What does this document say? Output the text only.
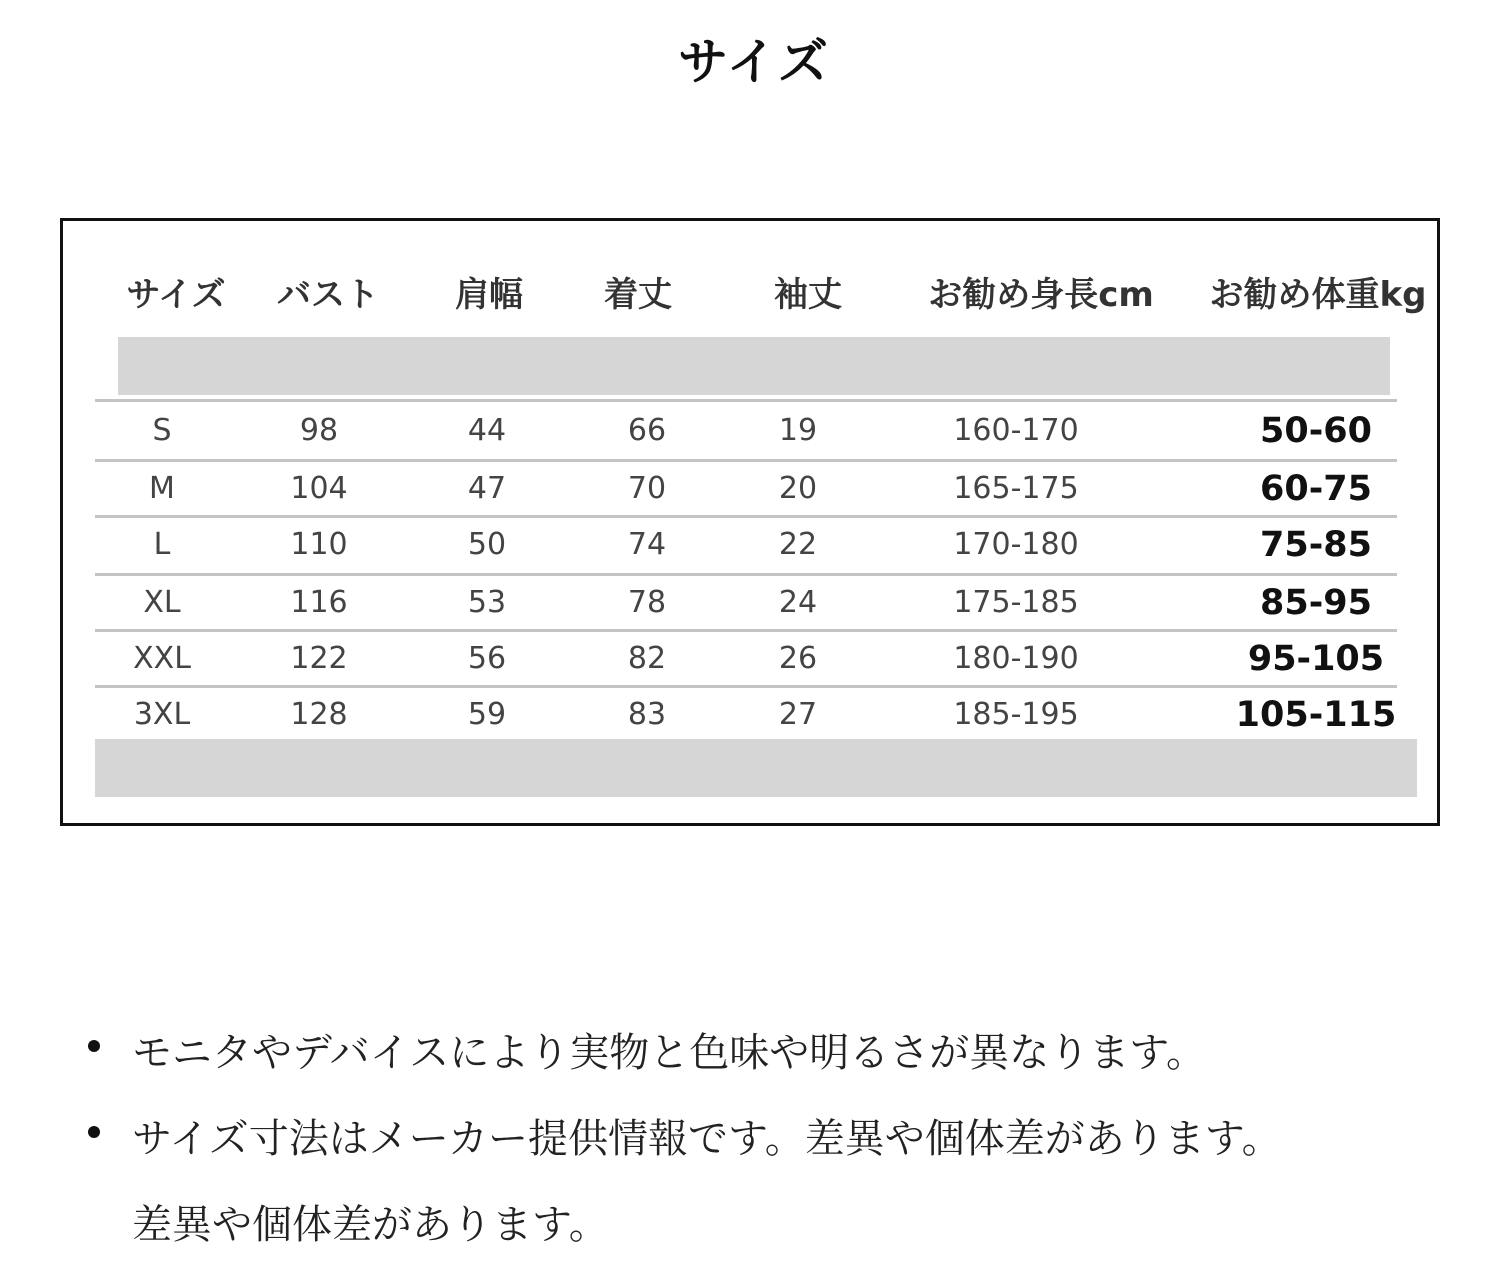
サイズ
サイズ バスト 肩幅 着丈	袖丈	お勧め身長cm お勧め体重kg
S	98	44	66	19	160-170	50-60
M	104	47	70	20	165-175	60-75
L	110	50	74	22	170-180	75-85
XL	116	53	78	24	175-185	85-95
XXL	122	56	82	26	180-190	95-105
3XL	128	59	83	27	185-195	105-115
モニタやデバイスにより実物と色味や明るさが異なります。
サイズ寸法はメーカー提供情報です。差異や個体差があります。
差異や個体差があります。
